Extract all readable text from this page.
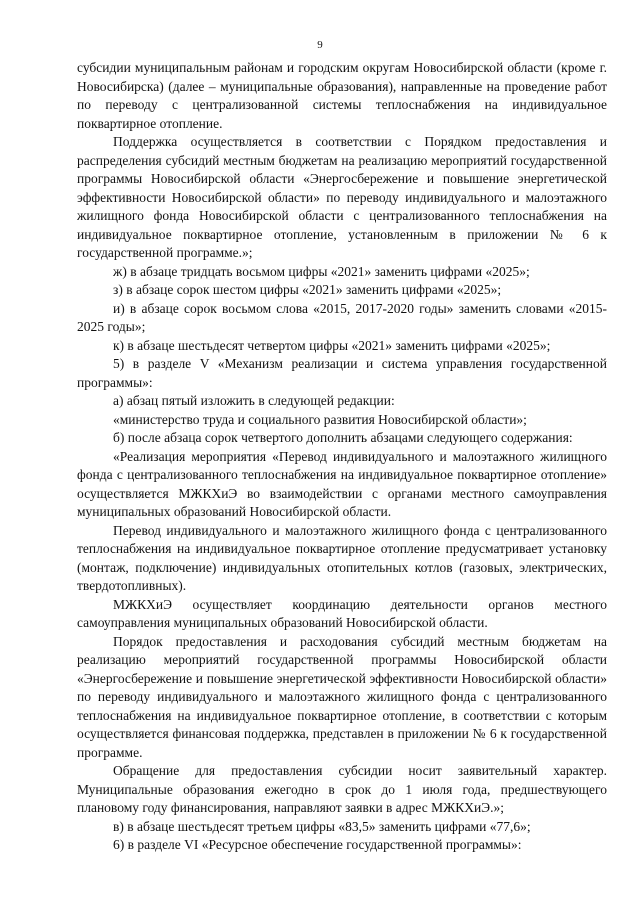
9

субсидии муниципальным районам и городским округам Новосибирской области (кроме г. Новосибирска) (далее – муниципальные образования), направленные на проведение работ по переводу с централизованной системы теплоснабжения на индивидуальное поквартирное отопление.

Поддержка осуществляется в соответствии с Порядком предоставления и распределения субсидий местным бюджетам на реализацию мероприятий государственной программы Новосибирской области «Энергосбережение и повышение энергетической эффективности Новосибирской области» по переводу индивидуального и малоэтажного жилищного фонда Новосибирской области с централизованного теплоснабжения на индивидуальное поквартирное отопление, установленным в приложении № 6 к государственной программе.»;

ж) в абзаце тридцать восьмом цифры «2021» заменить цифрами «2025»;

з) в абзаце сорок шестом цифры «2021» заменить цифрами «2025»;

и) в абзаце сорок восьмом слова «2015, 2017-2020 годы» заменить словами «2015-2025 годы»;

к) в абзаце шестьдесят четвертом цифры «2021» заменить цифрами «2025»;

5) в разделе V «Механизм реализации и система управления государственной программы»:

а) абзац пятый изложить в следующей редакции:

«министерство труда и социального развития Новосибирской области»;

б) после абзаца сорок четвертого дополнить абзацами следующего содержания:

«Реализация мероприятия «Перевод индивидуального и малоэтажного жилищного фонда с централизованного теплоснабжения на индивидуальное поквартирное отопление» осуществляется МЖКХиЭ во взаимодействии с органами местного самоуправления муниципальных образований Новосибирской области.

Перевод индивидуального и малоэтажного жилищного фонда с централизованного теплоснабжения на индивидуальное поквартирное отопление предусматривает установку (монтаж, подключение) индивидуальных отопительных котлов (газовых, электрических, твердотопливных).

МЖКХиЭ осуществляет координацию деятельности органов местного самоуправления муниципальных образований Новосибирской области.

Порядок предоставления и расходования субсидий местным бюджетам на реализацию мероприятий государственной программы Новосибирской области «Энергосбережение и повышение энергетической эффективности Новосибирской области» по переводу индивидуального и малоэтажного жилищного фонда с централизованного теплоснабжения на индивидуальное поквартирное отопление, в соответствии с которым осуществляется финансовая поддержка, представлен в приложении № 6 к государственной программе.

Обращение для предоставления субсидии носит заявительный характер. Муниципальные образования ежегодно в срок до 1 июля года, предшествующего плановому году финансирования, направляют заявки в адрес МЖКХиЭ.»;

в) в абзаце шестьдесят третьем цифры «83,5» заменить цифрами «77,6»;

6) в разделе VI «Ресурсное обеспечение государственной программы»:
